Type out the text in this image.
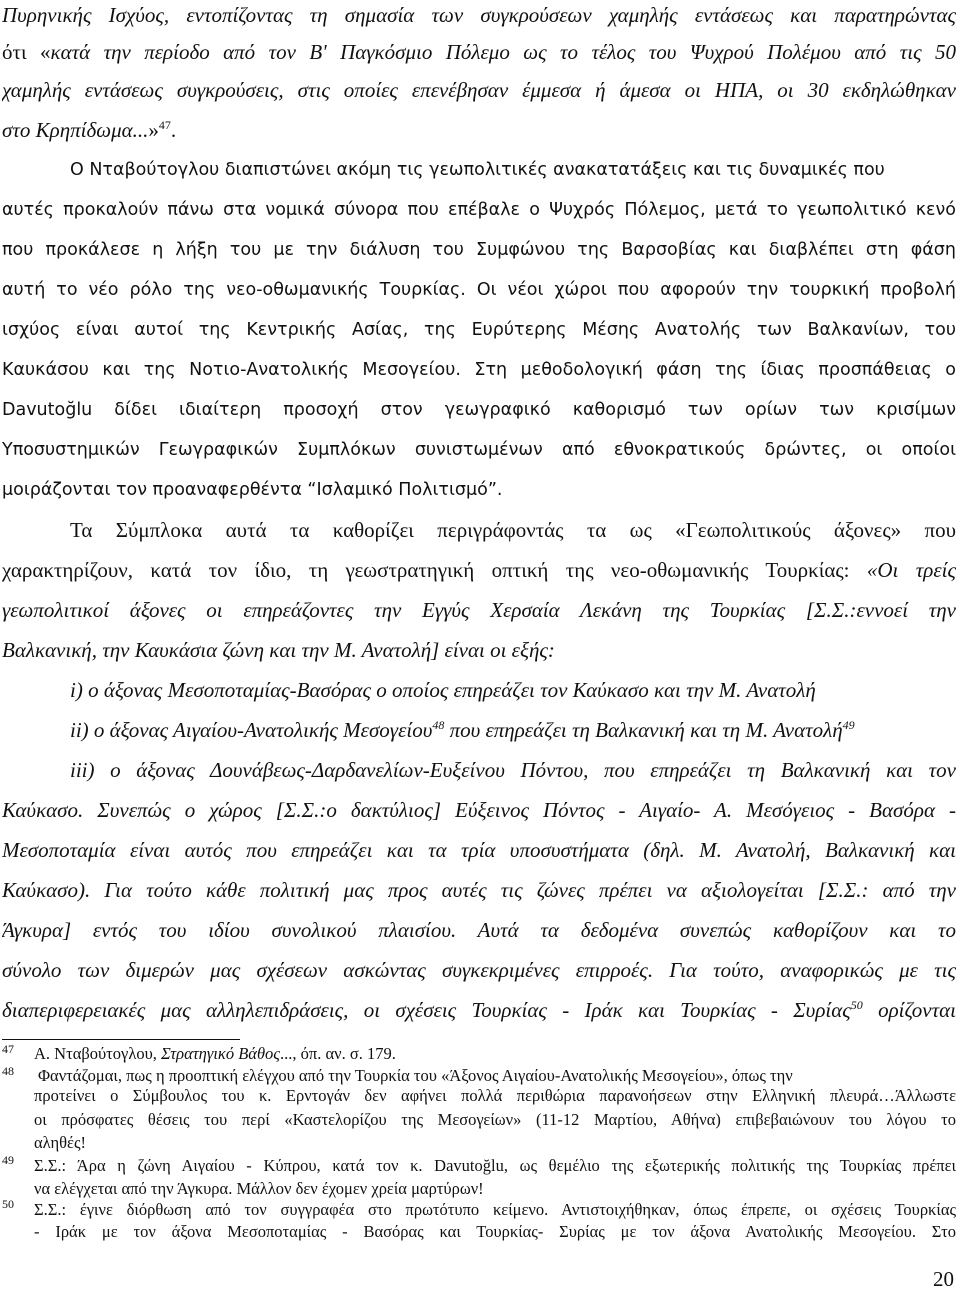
Πυρηνικής Ισχύος, εντοπίζοντας τη σημασία των συγκρούσεων χαμηλής εντάσεως και παρατηρώντας
ότι «κατά την περίοδο από τον Β' Παγκόσμιο Πόλεμο ως το τέλος του Ψυχρού Πολέμου από τις 50
χαμηλής εντάσεως συγκρούσεις, στις οποίες επενέβησαν έμμεσα ή άμεσα οι ΗΠΑ, οι 30 εκδηλώθηκαν
στο Κρηπίδωμα...»$^{47}$.
Ο Νταβούτογλου διαπιστώνει ακόμη τις γεωπολιτικές ανακατατάξεις και τις δυναμικές που
αυτές προκαλούν πάνω στα νομικά σύνορα που επέβαλε ο Ψυχρός Πόλεμος, μετά το γεωπολιτικό κενό
που προκάλεσε η λήξη του με την διάλυση του Συμφώνου της Βαρσοβίας και διαβλέπει στη φάση
αυτή το νέο ρόλο της νεο-οθωμανικής Τουρκίας. Οι νέοι χώροι που αφορούν την τουρκική προβολή
ισχύος είναι αυτοί της Κεντρικής Ασίας, της Ευρύτερης Μέσης Ανατολής των Βαλκανίων, του
Καυκάσου και της Νοτιο-Ανατολικής Μεσογείου. Στη μεθοδολογική φάση της ίδιας προσπάθειας ο
Davutoğlu δίδει ιδιαίτερη προσοχή στον γεωγραφικό καθορισμό των ορίων των κρισίμων
Υποσυστημικών Γεωγραφικών Συμπλόκων συνιστωμένων από εθνοκρατικούς δρώντες, οι οποίοι
μοιράζονται τον προαναφερθέντα “Ισλαμικό Πολιτισμό”.
Τα Σύμπλοκα αυτά τα καθορίζει περιγράφοντάς τα ως «Γεωπολιτικούς άξονες» που
χαρακτηρίζουν, κατά τον ίδιο, τη γεωστρατηγική οπτική της νεο-οθωμανικής Τουρκίας: «Οι τρείς
γεωπολιτικοί άξονες οι επηρεάζοντες την Εγγύς Χερσαία Λεκάνη της Τουρκίας [Σ.Σ.:εννοεί την
Βαλκανική, την Καυκάσια ζώνη και την Μ. Ανατολή] είναι οι εξής:
i) ο άξονας Μεσοποταμίας-Βασόρας ο οποίος επηρεάζει τον Καύκασο και την Μ. Ανατολή
ii) ο άξονας Αιγαίου-Ανατολικής Μεσογείου$^{48}$ που επηρεάζει τη Βαλκανική και τη Μ. Ανατολή$^{49}$
iii) ο άξονας Δουνάβεως-Δαρδανελίων-Ευξείνου Πόντου, που επηρεάζει τη Βαλκανική και τον
Καύκασο. Συνεπώς ο χώρος [Σ.Σ.:ο δακτύλιος] Εύξεινος Πόντος - Αιγαίο- Α. Μεσόγειος - Βασόρα -
Μεσοποταμία είναι αυτός που επηρεάζει και τα τρία υποσυστήματα (δηλ. Μ. Ανατολή, Βαλκανική και
Καύκασο). Για τούτο κάθε πολιτική μας προς αυτές τις ζώνες πρέπει να αξιολογείται [Σ.Σ.: από την
Άγκυρα] εντός του ιδίου συνολικού πλαισίου. Αυτά τα δεδομένα συνεπώς καθορίζουν και το
σύνολο των διμερών μας σχέσεων ασκώντας συγκεκριμένες επιρροές. Για τούτο, αναφορικώς με τις
διαπεριφερειακές μας αλληλεπιδράσεις, οι σχέσεις Τουρκίας - Ιράκ και Τουρκίας - Συρίας$^{50}$ ορίζονται
47 Α. Νταβούτογλου, Στρατηγικό Βάθος..., όπ. αν. σ. 179.
48 Φαντάζομαι, πως η προοπτική ελέγχου από την Τουρκία του «Άξονος Αιγαίου-Ανατολικής Μεσογείου», όπως την
προτείνει ο Σύμβουλος του κ. Ερντογάν δεν αφήνει πολλά περιθώρια παρανοήσεων στην Ελληνική πλευρά…Άλλωστε
οι πρόσφατες θέσεις του περί «Καστελορίζου της Μεσογείων» (11-12 Μαρτίου, Αθήνα) επιβεβαιώνουν του λόγου το
αληθές!
49 Σ.Σ.: Άρα η ζώνη Αιγαίου - Κύπρου, κατά τον κ. Davutoğlu, ως θεμέλιο της εξωτερικής πολιτικής της Τουρκίας πρέπει
να ελέγχεται από την Άγκυρα. Μάλλον δεν έχομεν χρεία μαρτύρων!
50 Σ.Σ.: έγινε διόρθωση από τον συγγραφέα στο πρωτότυπο κείμενο. Αντιστοιχήθηκαν, όπως έπρεπε, οι σχέσεις Τουρκίας
- Ιράκ με τον άξονα Μεσοποταμίας - Βασόρας και Τουρκίας- Συρίας με τον άξονα Ανατολικής Μεσογείου. Στο
20
